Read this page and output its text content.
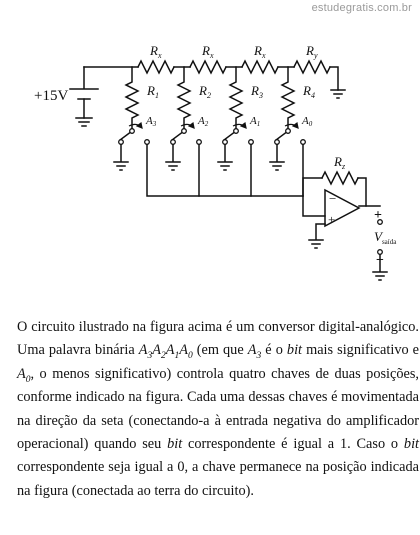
estudegratis.com.br
+15V
$R_x$	$R_x$	$R_x$	$R_y$
$R_1$	$R_2$	$R_3$	$R_4$
A3	A2	A1	A0
$R_z$
−
+	+
−
$V_{saída}$
O circuito ilustrado na figura acima é um conversor digital-analógico. Uma palavra binária $A_3A_2A_1A_0$ (em que $A_3$ é o bit mais significativo e $A_0$, o menos significativo) controla quatro chaves de duas posições, conforme indicado na figura. Cada uma dessas chaves é movimentada na direção da seta (conectando-a à entrada negativa do amplificador operacional) quando seu bit correspondente é igual a 1. Caso o bit correspondente seja igual a 0, a chave permanece na posição indicada na figura (conectada ao terra do circuito).
